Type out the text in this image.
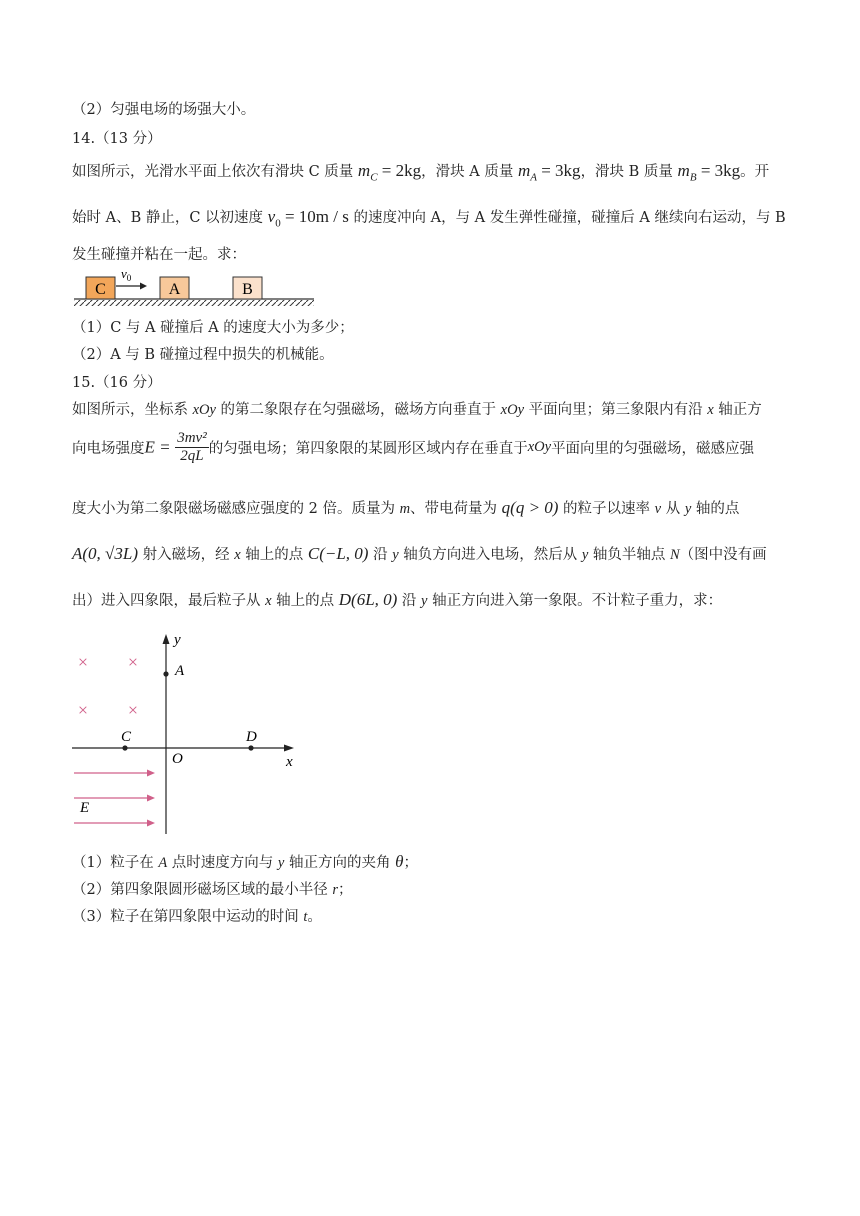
（2）匀强电场的场强大小。
14.（13 分）
如图所示，光滑水平面上依次有滑块 C 质量 $m_C = 2kg$，滑块 A 质量 $m_A = 3kg$，滑块 B 质量 $m_B = 3kg$。开
始时 A、B 静止，C 以初速度 $v_0 = 10m / s$ 的速度冲向 A，与 A 发生弹性碰撞，碰撞后 A 继续向右运动，与 B
发生碰撞并粘在一起。求：
C	A	B
$v_0$
（1）C 与 A 碰撞后 A 的速度大小为多少；
（2）A 与 B 碰撞过程中损失的机械能。
15.（16 分）
如图所示，坐标系 xOy 的第二象限存在匀强磁场，磁场方向垂直于 xOy 平面向里；第三象限内有沿 x 轴正方
向电场强度$E = \frac{\text{3mv²}}{2qL}$ 的匀强电场；第四象限的某圆形区域内存在垂直于xOy平面向里的匀强磁场，磁感应强
度大小为第二象限磁场磁感应强度的 2 倍。质量为 m、带电荷量为 q(q > 0) 的粒子以速率 v 从 y 轴的点
A(0, √3L) 射入磁场，经 x 轴上的点 C(−L, 0) 沿 y 轴负方向进入电场，然后从 y 轴负半轴点 N（图中没有画
出）进入四象限，最后粒子从 x 轴上的点 D(6L, 0) 沿 y 轴正方向进入第一象限。不计粒子重力，求：
× ×
× ×
y
x
O
A
C	D
E
（1）粒子在 A 点时速度方向与 y 轴正方向的夹角 θ；
（2）第四象限圆形磁场区域的最小半径 r；
（3）粒子在第四象限中运动的时间 t。
